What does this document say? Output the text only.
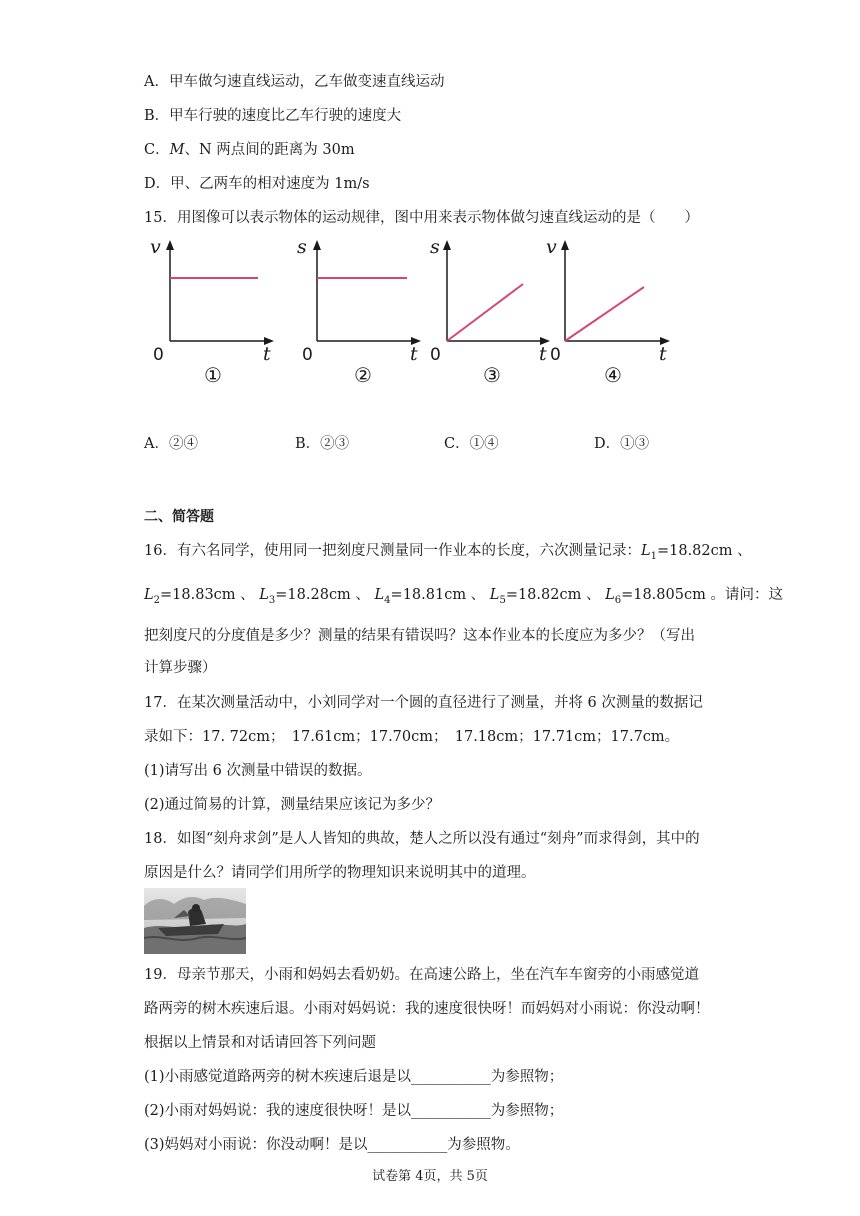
A．甲车做匀速直线运动，乙车做变速直线运动
B．甲车行驶的速度比乙车行驶的速度大
C．M、N 两点间的距离为 30m
D．甲、乙两车的相对速度为 1m/s
15．用图像可以表示物体的运动规律，图中用来表示物体做匀速直线运动的是（　　）
v
0	t
①
s
0	t
②
s
0	t
③
v
0	t
④
A．②④	B．②③	C．①④	D．①③
二、简答题
16．有六名同学，使用同一把刻度尺测量同一作业本的长度，六次测量记录：$L_1=18.82cm$ 、
$L_2=18.83cm$ 、 $L_3=18.28cm$ 、 $L_4=18.81cm$ 、 $L_5=18.82cm$ 、 $L_6=18.805cm$ 。请问：这
把刻度尺的分度值是多少？测量的结果有错误吗？这本作业本的长度应为多少？（写出
计算步骤）
17．在某次测量活动中，小刘同学对一个圆的直径进行了测量，并将 6 次测量的数据记
录如下：17. 72cm；　17.61cm；17.70cm；　17.18cm；17.71cm；17.7cm。
(1)请写出 6 次测量中错误的数据。
(2)通过简易的计算，测量结果应该记为多少？
18．如图“刻舟求剑”是人人皆知的典故，楚人之所以没有通过“刻舟”而求得剑，其中的
原因是什么？请同学们用所学的物理知识来说明其中的道理。
19．母亲节那天，小雨和妈妈去看奶奶。在高速公路上，坐在汽车车窗旁的小雨感觉道
路两旁的树木疾速后退。小雨对妈妈说：我的速度很快呀！而妈妈对小雨说：你没动啊！
根据以上情景和对话请回答下列问题
(1)小雨感觉道路两旁的树木疾速后退是以___________为参照物；
(2)小雨对妈妈说：我的速度很快呀！是以___________为参照物；
(3)妈妈对小雨说：你没动啊！是以___________为参照物。
试卷第 4页，共 5页
